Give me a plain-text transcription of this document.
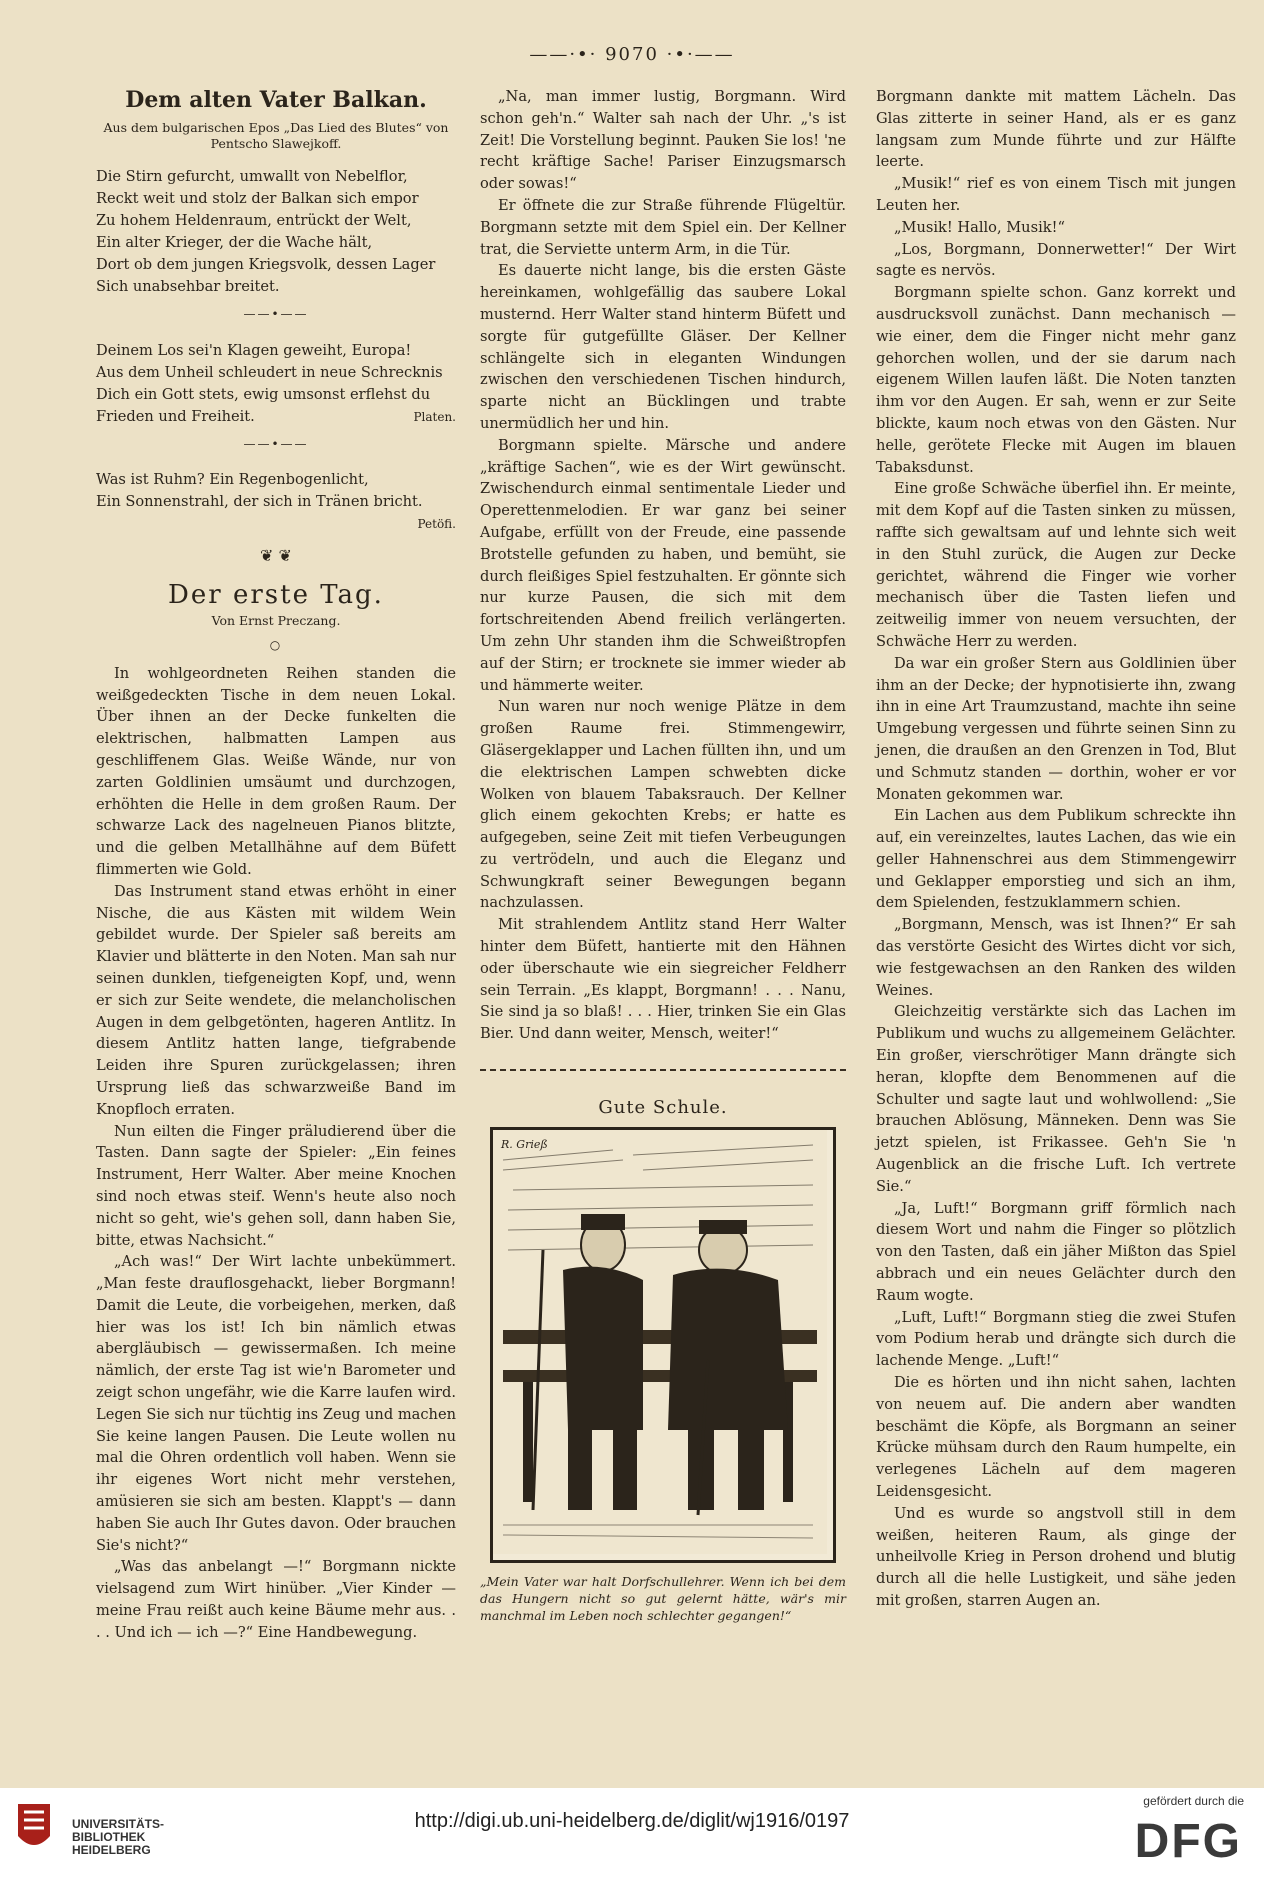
——·•· 9070 ·•·——
Dem alten Vater Balkan.
Aus dem bulgarischen Epos „Das Lied des Blutes“ von Pentscho Slawejkoff.
Die Stirn gefurcht, umwallt von Nebelflor,
Reckt weit und stolz der Balkan sich empor
Zu hohem Heldenraum, entrückt der Welt,
Ein alter Krieger, der die Wache hält,
Dort ob dem jungen Kriegsvolk, dessen Lager
Sich unabsehbar breitet.
——•——
Deinem Los sei'n Klagen geweiht, Europa!
Aus dem Unheil schleudert in neue Schrecknis
Dich ein Gott stets, ewig umsonst erflehst du
Frieden und Freiheit.	Platen.
——•——
Was ist Ruhm? Ein Regenbogenlicht,
Ein Sonnenstrahl, der sich in Tränen bricht.
Petöfi.
❦ ❦
Der erste Tag.
Von Ernst Preczang.
○

In wohlgeordneten Reihen standen die weißgedeckten Tische in dem neuen Lokal. Über ihnen an der Decke funkelten die elektrischen, halbmatten Lampen aus geschliffenem Glas. Weiße Wände, nur von zarten Goldlinien umsäumt und durchzogen, erhöhten die Helle in dem großen Raum. Der schwarze Lack des nagelneuen Pianos blitzte, und die gelben Metallhähne auf dem Büfett flimmerten wie Gold.

Das Instrument stand etwas erhöht in einer Nische, die aus Kästen mit wildem Wein gebildet wurde. Der Spieler saß bereits am Klavier und blätterte in den Noten. Man sah nur seinen dunklen, tiefgeneigten Kopf, und, wenn er sich zur Seite wendete, die melancholischen Augen in dem gelbgetönten, hageren Antlitz. In diesem Antlitz hatten lange, tiefgrabende Leiden ihre Spuren zurückgelassen; ihren Ursprung ließ das schwarzweiße Band im Knopfloch erraten.

Nun eilten die Finger präludierend über die Tasten. Dann sagte der Spieler: „Ein feines Instrument, Herr Walter. Aber meine Knochen sind noch etwas steif. Wenn's heute also noch nicht so geht, wie's gehen soll, dann haben Sie, bitte, etwas Nachsicht.“

„Ach was!“ Der Wirt lachte unbekümmert. „Man feste drauflosgehackt, lieber Borgmann! Damit die Leute, die vorbeigehen, merken, daß hier was los ist! Ich bin nämlich etwas abergläubisch — gewissermaßen. Ich meine nämlich, der erste Tag ist wie'n Barometer und zeigt schon ungefähr, wie die Karre laufen wird. Legen Sie sich nur tüchtig ins Zeug und machen Sie keine langen Pausen. Die Leute wollen nu mal die Ohren ordentlich voll haben. Wenn sie ihr eigenes Wort nicht mehr verstehen, amüsieren sie sich am besten. Klappt's — dann haben Sie auch Ihr Gutes davon. Oder brauchen Sie's nicht?“

„Was das anbelangt —!“ Borgmann nickte vielsagend zum Wirt hinüber. „Vier Kinder — meine Frau reißt auch keine Bäume mehr aus. . . . Und ich — ich —?“ Eine Handbewegung.

„Na, man immer lustig, Borgmann. Wird schon geh'n.“ Walter sah nach der Uhr. „'s ist Zeit! Die Vorstellung beginnt. Pauken Sie los! 'ne recht kräftige Sache! Pariser Einzugsmarsch oder sowas!“

Er öffnete die zur Straße führende Flügeltür. Borgmann setzte mit dem Spiel ein. Der Kellner trat, die Serviette unterm Arm, in die Tür.

Es dauerte nicht lange, bis die ersten Gäste hereinkamen, wohlgefällig das saubere Lokal musternd. Herr Walter stand hinterm Büfett und sorgte für gutgefüllte Gläser. Der Kellner schlängelte sich in eleganten Windungen zwischen den verschiedenen Tischen hindurch, sparte nicht an Bücklingen und trabte unermüdlich her und hin.

Borgmann spielte. Märsche und andere „kräftige Sachen“, wie es der Wirt gewünscht. Zwischendurch einmal sentimentale Lieder und Operettenmelodien. Er war ganz bei seiner Aufgabe, erfüllt von der Freude, eine passende Brotstelle gefunden zu haben, und bemüht, sie durch fleißiges Spiel festzuhalten. Er gönnte sich nur kurze Pausen, die sich mit dem fortschreitenden Abend freilich verlängerten. Um zehn Uhr standen ihm die Schweißtropfen auf der Stirn; er trocknete sie immer wieder ab und hämmerte weiter.

Nun waren nur noch wenige Plätze in dem großen Raume frei. Stimmengewirr, Gläsergeklapper und Lachen füllten ihn, und um die elektrischen Lampen schwebten dicke Wolken von blauem Tabaksrauch. Der Kellner glich einem gekochten Krebs; er hatte es aufgegeben, seine Zeit mit tiefen Verbeugungen zu vertrödeln, und auch die Eleganz und Schwungkraft seiner Bewegungen begann nachzulassen.

Mit strahlendem Antlitz stand Herr Walter hinter dem Büfett, hantierte mit den Hähnen oder überschaute wie ein siegreicher Feldherr sein Terrain. „Es klappt, Borgmann! . . . Nanu, Sie sind ja so blaß! . . . Hier, trinken Sie ein Glas Bier. Und dann weiter, Mensch, weiter!“

Gute Schule.
R. Grieß
„Mein Vater war halt Dorfschullehrer. Wenn ich bei dem das Hungern nicht so gut gelernt hätte, wär's mir manchmal im Leben noch schlechter gegangen!“

Borgmann dankte mit mattem Lächeln. Das Glas zitterte in seiner Hand, als er es ganz langsam zum Munde führte und zur Hälfte leerte.

„Musik!“ rief es von einem Tisch mit jungen Leuten her.

„Musik! Hallo, Musik!“

„Los, Borgmann, Donnerwetter!“ Der Wirt sagte es nervös.

Borgmann spielte schon. Ganz korrekt und ausdrucksvoll zunächst. Dann mechanisch — wie einer, dem die Finger nicht mehr ganz gehorchen wollen, und der sie darum nach eigenem Willen laufen läßt. Die Noten tanzten ihm vor den Augen. Er sah, wenn er zur Seite blickte, kaum noch etwas von den Gästen. Nur helle, gerötete Flecke mit Augen im blauen Tabaksdunst.

Eine große Schwäche überfiel ihn. Er meinte, mit dem Kopf auf die Tasten sinken zu müssen, raffte sich gewaltsam auf und lehnte sich weit in den Stuhl zurück, die Augen zur Decke gerichtet, während die Finger wie vorher mechanisch über die Tasten liefen und zeitweilig immer von neuem versuchten, der Schwäche Herr zu werden.

Da war ein großer Stern aus Goldlinien über ihm an der Decke; der hypnotisierte ihn, zwang ihn in eine Art Traumzustand, machte ihn seine Umgebung vergessen und führte seinen Sinn zu jenen, die draußen an den Grenzen in Tod, Blut und Schmutz standen — dorthin, woher er vor Monaten gekommen war.

Ein Lachen aus dem Publikum schreckte ihn auf, ein vereinzeltes, lautes Lachen, das wie ein geller Hahnenschrei aus dem Stimmengewirr und Geklapper emporstieg und sich an ihm, dem Spielenden, festzuklammern schien.

„Borgmann, Mensch, was ist Ihnen?“ Er sah das verstörte Gesicht des Wirtes dicht vor sich, wie festgewachsen an den Ranken des wilden Weines.

Gleichzeitig verstärkte sich das Lachen im Publikum und wuchs zu allgemeinem Gelächter. Ein großer, vierschrötiger Mann drängte sich heran, klopfte dem Benommenen auf die Schulter und sagte laut und wohlwollend: „Sie brauchen Ablösung, Männeken. Denn was Sie jetzt spielen, ist Frikassee. Geh'n Sie 'n Augenblick an die frische Luft. Ich vertrete Sie.“

„Ja, Luft!“ Borgmann griff förmlich nach diesem Wort und nahm die Finger so plötzlich von den Tasten, daß ein jäher Mißton das Spiel abbrach und ein neues Gelächter durch den Raum wogte.

„Luft, Luft!“ Borgmann stieg die zwei Stufen vom Podium herab und drängte sich durch die lachende Menge. „Luft!“

Die es hörten und ihn nicht sahen, lachten von neuem auf. Die andern aber wandten beschämt die Köpfe, als Borgmann an seiner Krücke mühsam durch den Raum humpelte, ein verlegenes Lächeln auf dem mageren Leidensgesicht.

Und es wurde so angstvoll still in dem weißen, heiteren Raum, als ginge der unheilvolle Krieg in Person drohend und blutig durch all die helle Lustigkeit, und sähe jeden mit großen, starren Augen an.

UNIVERSITÄTS-
BIBLIOTHEK
HEIDELBERG
http://digi.ub.uni-heidelberg.de/diglit/wj1916/0197
gefördert durch die
DFG
